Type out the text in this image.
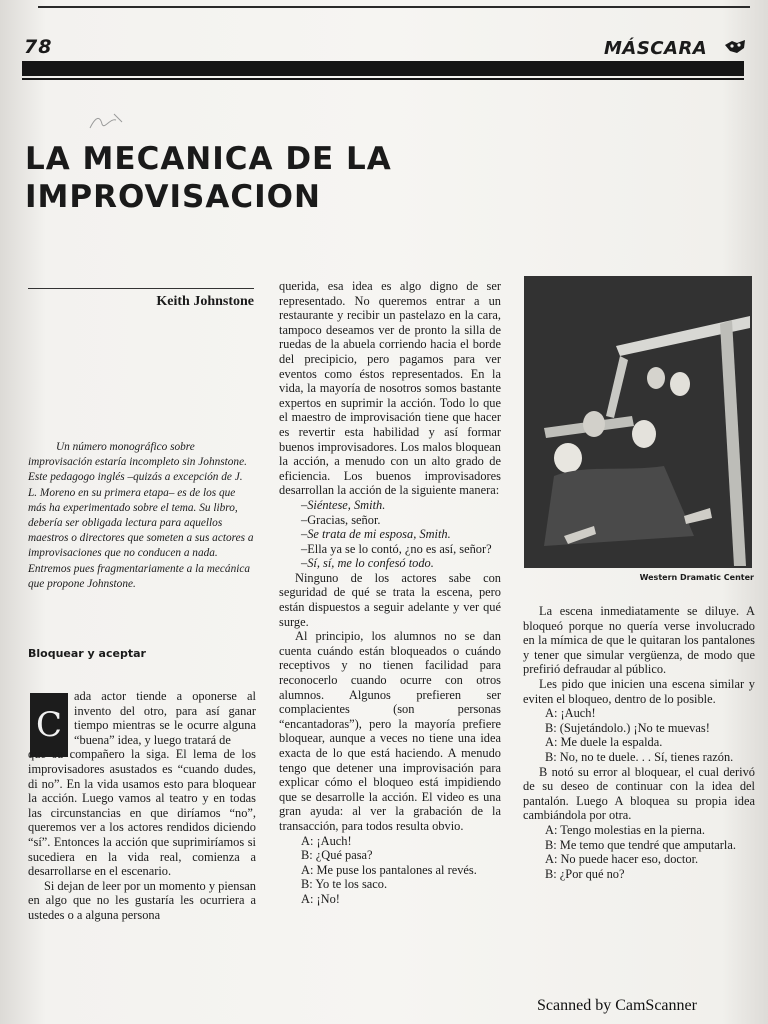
78	MÁSCARA
LA MECANICA DE LA
IMPROVISACION
Keith Johnstone
Un número monográfico sobre improvisación estaría incompleto sin Johnstone. Este pedagogo inglés –quizás a excepción de J. L. Moreno en su primera etapa– es de los que más ha experimentado sobre el tema. Su libro, debería ser obligada lectura para aquellos maestros o directores que someten a sus actores a improvisaciones que no conducen a nada. Entremos pues fragmentariamente a la mecánica que propone Johnstone.
Bloquear y aceptar
C

ada actor tiende a oponerse al invento del otro, para así ganar tiempo mientras se le ocurre alguna “buena” idea, y luego tratará de

que su compañero la siga. El lema de los improvisadores asustados es “cuando dudes, di no”. En la vida usamos esto para bloquear la acción. Luego vamos al teatro y en todas las circunstancias en que diríamos “no”, queremos ver a los actores rendidos diciendo “sí”. Entonces la acción que suprimiríamos si sucediera en la vida real, comienza a desarrollarse en el escenario.

Si dejan de leer por un momento y piensan en algo que no les gustaría les ocurriera a ustedes o a alguna persona

querida, esa idea es algo digno de ser representado. No queremos entrar a un restaurante y recibir un pastelazo en la cara, tampoco deseamos ver de pronto la silla de ruedas de la abuela corriendo hacia el borde del precipicio, pero pagamos para ver eventos como éstos representados. En la vida, la mayoría de nosotros somos bastante expertos en suprimir la acción. Todo lo que el maestro de improvisación tiene que hacer es revertir esta habilidad y así formar buenos improvisadores. Los malos bloquean la acción, a menudo con un alto grado de eficiencia. Los buenos improvisadores desarrollan la acción de la siguiente manera:

–Siéntese, Smith.

–Gracias, señor.

–Se trata de mi esposa, Smith.

–Ella ya se lo contó, ¿no es así, señor?

–Sí, sí, me lo confesó todo.

Ninguno de los actores sabe con seguridad de qué se trata la escena, pero están dispuestos a seguir adelante y ver qué surge.

Al principio, los alumnos no se dan cuenta cuándo están bloqueados o cuándo receptivos y no tienen facilidad para reconocerlo cuando ocurre con otros alumnos. Algunos prefieren ser complacientes (son personas “encantadoras”), pero la mayoría prefiere bloquear, aunque a veces no tiene una idea exacta de lo que está haciendo. A menudo tengo que detener una improvisación para explicar cómo el bloqueo está impidiendo que se desarrolle la acción. El video es una gran ayuda: al ver la grabación de la transacción, para todos resulta obvio.

A: ¡Auch!

B: ¿Qué pasa?

A: Me puse los pantalones al revés.

B: Yo te los saco.

A: ¡No!

Western Dramatic Center

La escena inmediatamente se diluye. A bloqueó porque no quería verse involucrado en la mímica de que le quitaran los pantalones y tener que simular vergüenza, de modo que prefirió defraudar al público.

Les pido que inicien una escena similar y eviten el bloqueo, dentro de lo posible.

A: ¡Auch!

B: (Sujetándolo.) ¡No te muevas!

A: Me duele la espalda.

B: No, no te duele. . . Sí, tienes razón.

B notó su error al bloquear, el cual derivó de su deseo de continuar con la idea del pantalón. Luego A bloquea su propia idea cambiándola por otra.

A: Tengo molestias en la pierna.

B: Me temo que tendré que amputarla.

A: No puede hacer eso, doctor.

B: ¿Por qué no?

Scanned by CamScanner
